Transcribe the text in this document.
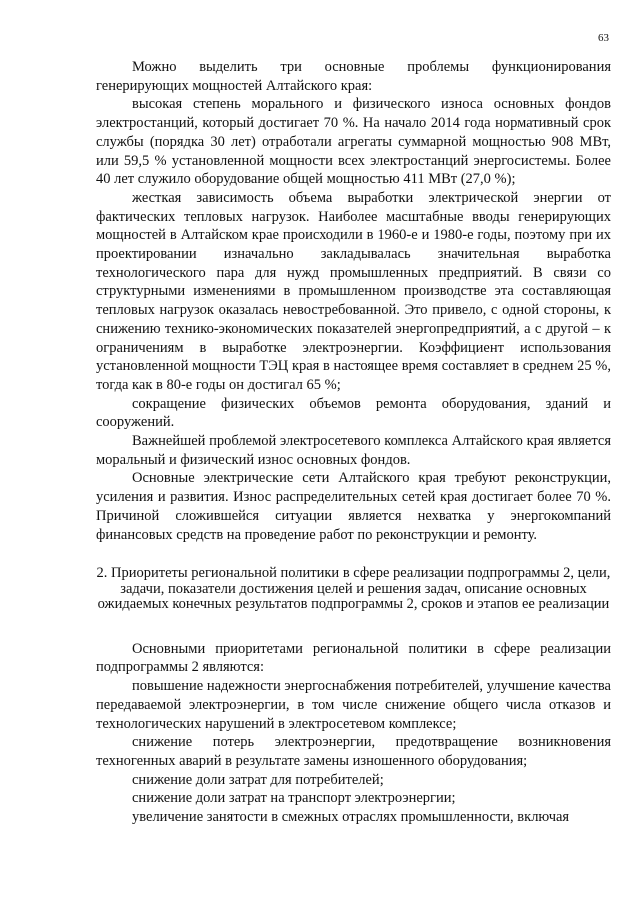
63

Можно выделить три основные проблемы функционирования генерирующих мощностей Алтайского края:

высокая степень морального и физического износа основных фондов электростанций, который достигает 70 %. На начало 2014 года нормативный срок службы (порядка 30 лет) отработали агрегаты суммарной мощностью 908 МВт, или 59,5 % установленной мощности всех электростанций энергосистемы. Более 40 лет служило оборудование общей мощностью 411 МВт (27,0 %);

жесткая зависимость объема выработки электрической энергии от фактических тепловых нагрузок. Наиболее масштабные вводы генерирующих мощностей в Алтайском крае происходили в 1960-е и 1980-е годы, поэтому при их проектировании изначально закладывалась значительная выработка технологического пара для нужд промышленных предприятий. В связи со структурными изменениями в промышленном производстве эта составляющая тепловых нагрузок оказалась невостребованной. Это привело, с одной стороны, к снижению технико-экономических показателей энергопредприятий, а с другой – к ограничениям в выработке электроэнергии. Коэффициент использования установленной мощности ТЭЦ края в настоящее время составляет в среднем 25 %, тогда как в 80-е годы он достигал 65 %;

сокращение физических объемов ремонта оборудования, зданий и сооружений.

Важнейшей проблемой электросетевого комплекса Алтайского края является моральный и физический износ основных фондов.

Основные электрические сети Алтайского края требуют реконструкции, усиления и развития. Износ распределительных сетей края достигает более 70 %. Причиной сложившейся ситуации является нехватка у энергокомпаний финансовых средств на проведение работ по реконструкции и ремонту.

2. Приоритеты региональной политики в сфере реализации подпрограммы 2, цели, задачи, показатели достижения целей и решения задач, описание основных ожидаемых конечных результатов подпрограммы 2, сроков и этапов ее реализации

Основными приоритетами региональной политики в сфере реализации подпрограммы 2 являются:

повышение надежности энергоснабжения потребителей, улучшение качества передаваемой электроэнергии, в том числе снижение общего числа отказов и технологических нарушений в электросетевом комплексе;

снижение потерь электроэнергии, предотвращение возникновения техногенных аварий в результате замены изношенного оборудования;

снижение доли затрат для потребителей;

снижение доли затрат на транспорт электроэнергии;

увеличение занятости в смежных отраслях промышленности, включая
